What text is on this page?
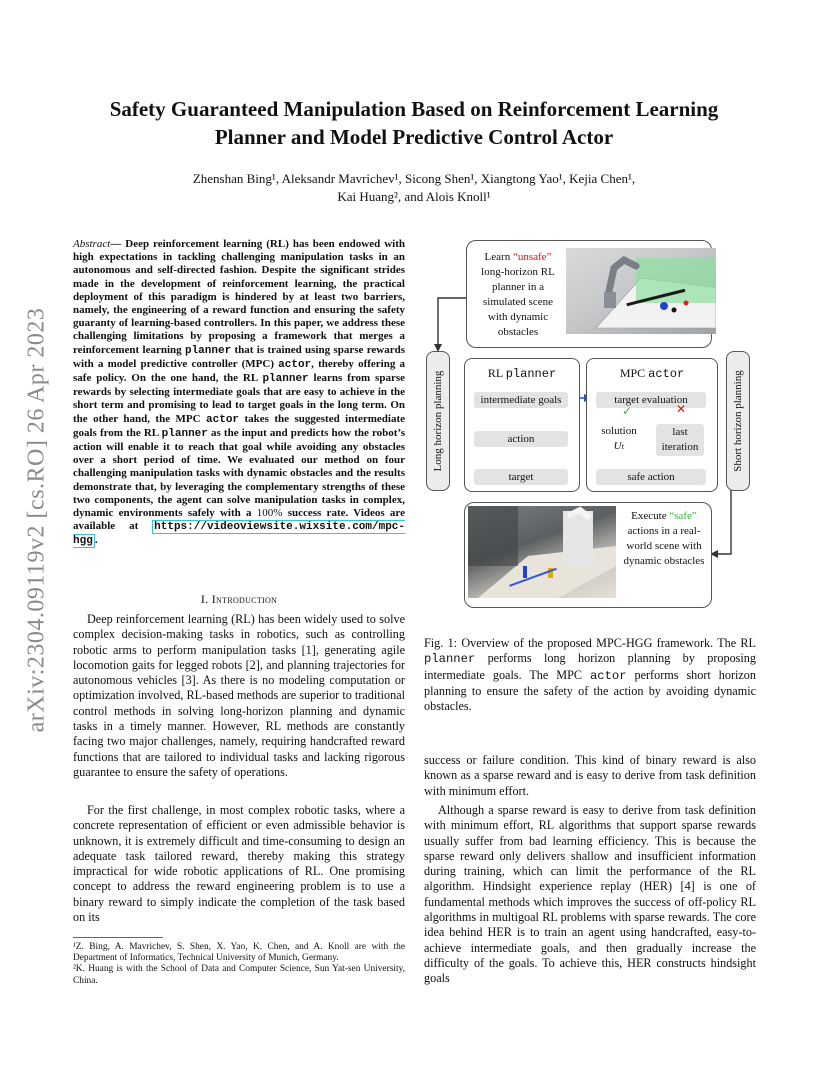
arXiv:2304.09119v2 [cs.RO] 26 Apr 2023
Safety Guaranteed Manipulation Based on Reinforcement Learning
Planner and Model Predictive Control Actor
Zhenshan Bing¹, Aleksandr Mavrichev¹, Sicong Shen¹, Xiangtong Yao¹, Kejia Chen¹,
Kai Huang², and Alois Knoll¹
Abstract— Deep reinforcement learning (RL) has been endowed with high expectations in tackling challenging manipulation tasks in an autonomous and self-directed fashion. Despite the significant strides made in the development of reinforcement learning, the practical deployment of this paradigm is hindered by at least two barriers, namely, the engineering of a reward function and ensuring the safety guaranty of learning-based controllers. In this paper, we address these challenging limitations by proposing a framework that merges a reinforcement learning planner that is trained using sparse rewards with a model predictive controller (MPC) actor, thereby offering a safe policy. On the one hand, the RL planner learns from sparse rewards by selecting intermediate goals that are easy to achieve in the short term and promising to lead to target goals in the long term. On the other hand, the MPC actor takes the suggested intermediate goals from the RL planner as the input and predicts how the robot’s action will enable it to reach that goal while avoiding any obstacles over a short period of time. We evaluated our method on four challenging manipulation tasks with dynamic obstacles and the results demonstrate that, by leveraging the complementary strengths of these two components, the agent can solve manipulation tasks in complex, dynamic environments safely with a 100% success rate. Videos are available at https://videoviewsite.wixsite.com/mpc-hgg .
I. Introduction
Deep reinforcement learning (RL) has been widely used to solve complex decision-making tasks in robotics, such as controlling robotic arms to perform manipulation tasks [1], generating agile locomotion gaits for legged robots [2], and planning trajectories for autonomous vehicles [3]. As there is no modeling computation or optimization involved, RL-based methods are superior to traditional control methods in solving long-horizon planning and dynamic tasks in a timely manner. However, RL methods are constantly facing two major challenges, namely, requiring handcrafted reward functions that are tailored to individual tasks and lacking rigorous guarantee to ensure the safety of operations.
For the first challenge, in most complex robotic tasks, where a concrete representation of efficient or even admissible behavior is unknown, it is extremely difficult and time-consuming to design an adequate task tailored reward, thereby making this strategy impractical for wide robotic applications of RL. One promising concept to address the reward engineering problem is to use a binary reward to simply indicate the completion of the task based on its
¹Z. Bing, A. Mavrichev, S. Shen, X. Yao, K. Chen, and A. Knoll are with the Department of Informatics, Technical University of Munich, Germany.
²K. Huang is with the School of Data and Computer Science, Sun Yat-sen University, China.
Learn “unsafe” long-horizon RL planner in a simulated scene with dynamic obstacles
Long horizon planning	Short horizon planning
RL planner
intermediate goals
action
target
MPC actor
target evaluation
✓	✕
solution
Uₜ
last
iteration
safe action
Execute “safe” actions in a real-world scene with dynamic obstacles
Fig. 1: Overview of the proposed MPC-HGG framework. The RL planner performs long horizon planning by proposing intermediate goals. The MPC actor performs short horizon planning to ensure the safety of the action by avoiding dynamic obstacles.
success or failure condition. This kind of binary reward is also known as a sparse reward and is easy to derive from task definition with minimum effort.
Although a sparse reward is easy to derive from task definition with minimum effort, RL algorithms that support sparse rewards usually suffer from bad learning efficiency. This is because the sparse reward only delivers shallow and insufficient information during training, which can limit the performance of the RL algorithm. Hindsight experience replay (HER) [4] is one of fundamental methods which improves the success of off-policy RL algorithms in multigoal RL problems with sparse rewards. The core idea behind HER is to train an agent using handcrafted, easy-to-achieve intermediate goals, and then gradually increase the difficulty of the goals. To achieve this, HER constructs hindsight goals
